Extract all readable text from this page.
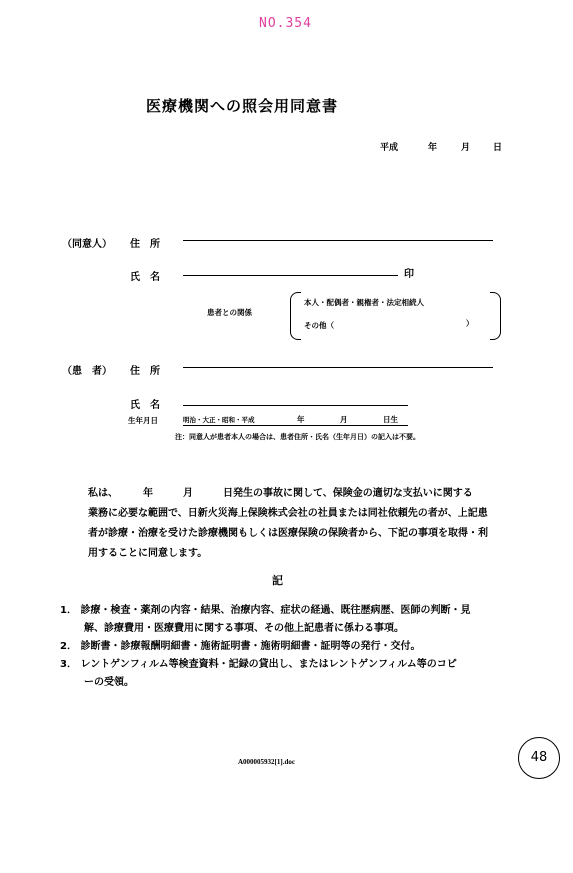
NO.354
医療機関への照会用同意書
平成	年	月	日
（同意人） 住　所
氏　名	印
患者との関係
本人・配偶者・親権者・法定相続人
その他（	）
（患　者） 住　所
氏　名
生年月日	明治・大正・昭和・平成	年	月	日生
注：同意人が患者本人の場合は、患者住所・氏名（生年月日）の記入は不要。
私は、　　　年　　　月　　　日発生の事故に関して、保険金の適切な支払いに関する
業務に必要な範囲で、日新火災海上保険株式会社の社員または同社依頼先の者が、上記患
者が診療・治療を受けた診療機関もしくは医療保険の保険者から、下記の事項を取得・利
用することに同意します。
記
1． 診療・検査・薬剤の内容・結果、治療内容、症状の経過、既往歴病歴、医師の判断・見
解、診療費用・医療費用に関する事項、その他上記患者に係わる事項。
2． 診断書・診療報酬明細書・施術証明書・施術明細書・証明等の発行・交付。
3． レントゲンフィルム等検査資料・記録の貸出し、またはレントゲンフィルム等のコピ
ーの受領。
A000005932[1].doc	48
